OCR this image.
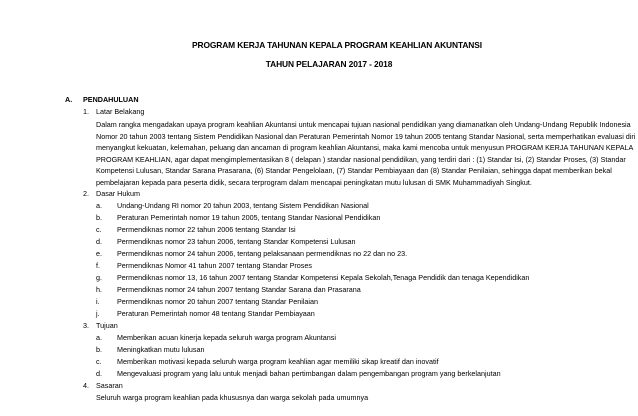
PROGRAM KERJA TAHUNAN KEPALA PROGRAM KEAHLIAN AKUNTANSI
TAHUN PELAJARAN 2017 - 2018
A. PENDAHULUAN
1. Latar Belakang
Dalam rangka mengadakan upaya program keahlian Akuntansi untuk mencapai tujuan nasional pendidikan yang diamanatkan oleh Undang-Undang Republik Indonesia
Nomor 20 tahun 2003 tentang Sistem Pendidikan Nasional dan Peraturan Pemerintah Nomor 19 tahun 2005 tentang Standar Nasional, serta memperhatikan evaluasi diri
menyangkut kekuatan, kelemahan, peluang dan ancaman di program keahlian Akuntansi, maka kami mencoba untuk menyusun PROGRAM KERJA TAHUNAN KEPALA
PROGRAM KEAHLIAN, agar dapat mengimplementasikan 8 ( delapan ) standar nasional pendidikan, yang terdiri dari : (1) Standar Isi, (2) Standar Proses, (3) Standar
Kompetensi Lulusan, Standar Sarana Prasarana, (6) Standar Pengelolaan, (7) Standar Pembiayaan dan (8) Standar Penilaian, sehingga dapat memberikan bekal
pembelajaran kepada para peserta didik, secara terprogram dalam mencapai peningkatan mutu lulusan di SMK Muhammadiyah Singkut.
2. Dasar Hukum
a. Undang-Undang RI nomor 20 tahun 2003, tentang Sistem Pendidikan Nasional
b. Peraturan Pemerintah nomor 19 tahun 2005, tentang Standar Nasional Pendidikan
c. Permendiknas nomor 22 tahun 2006 tentang Standar Isi
d. Permendiknas nomor 23 tahun 2006, tentang Standar Kompetensi Lulusan
e. Permendiknas nomor 24 tahun 2006, tentang pelaksanaan permendiknas no 22 dan no 23.
f. Permendiknas Nomor 41 tahun 2007 tentang Standar Proses
g. Permendiknas nomor 13, 16 tahun 2007 tentang Standar Kompetensi Kepala Sekolah,Tenaga Pendidik dan tenaga Kependidikan
h. Permendiknas nomor 24 tahun 2007 tentang Standar Sarana dan Prasarana
i. Permendiknas nomor 20 tahun 2007 tentang Standar Penilaian
j. Peraturan Pemerintah nomor 48 tentang Standar Pembiayaan
3. Tujuan
a. Memberikan acuan kinerja kepada seluruh warga program Akuntansi
b. Meningkatkan mutu lulusan
c. Memberikan motivasi kepada seluruh warga program keahlian agar memiliki sikap kreatif dan inovatif
d. Mengevaluasi program yang lalu untuk menjadi bahan pertimbangan dalam pengembangan program yang berkelanjutan
4. Sasaran
Seluruh warga program keahlian pada khususnya dan warga sekolah pada umumnya
